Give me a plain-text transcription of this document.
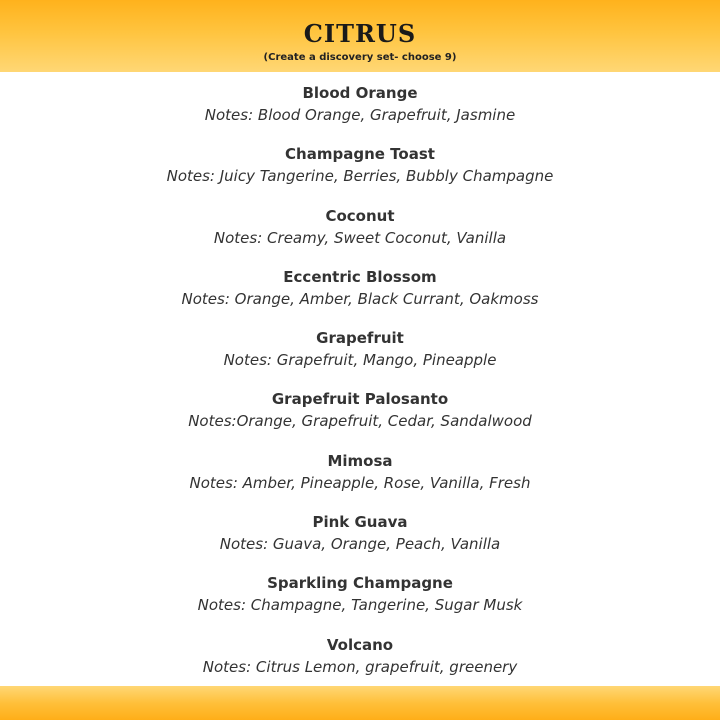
CITRUS
(Create a discovery set- choose 9)
Blood Orange
Notes: Blood Orange, Grapefruit, Jasmine
Champagne Toast
Notes: Juicy Tangerine, Berries, Bubbly Champagne
Coconut
Notes: Creamy, Sweet Coconut, Vanilla
Eccentric Blossom
Notes: Orange, Amber, Black Currant, Oakmoss
Grapefruit
Notes: Grapefruit, Mango, Pineapple
Grapefruit Palosanto
Notes:Orange, Grapefruit, Cedar, Sandalwood
Mimosa
Notes: Amber, Pineapple, Rose, Vanilla, Fresh
Pink Guava
Notes: Guava, Orange, Peach, Vanilla
Sparkling Champagne
Notes: Champagne, Tangerine, Sugar Musk
Volcano
Notes: Citrus Lemon, grapefruit, greenery
